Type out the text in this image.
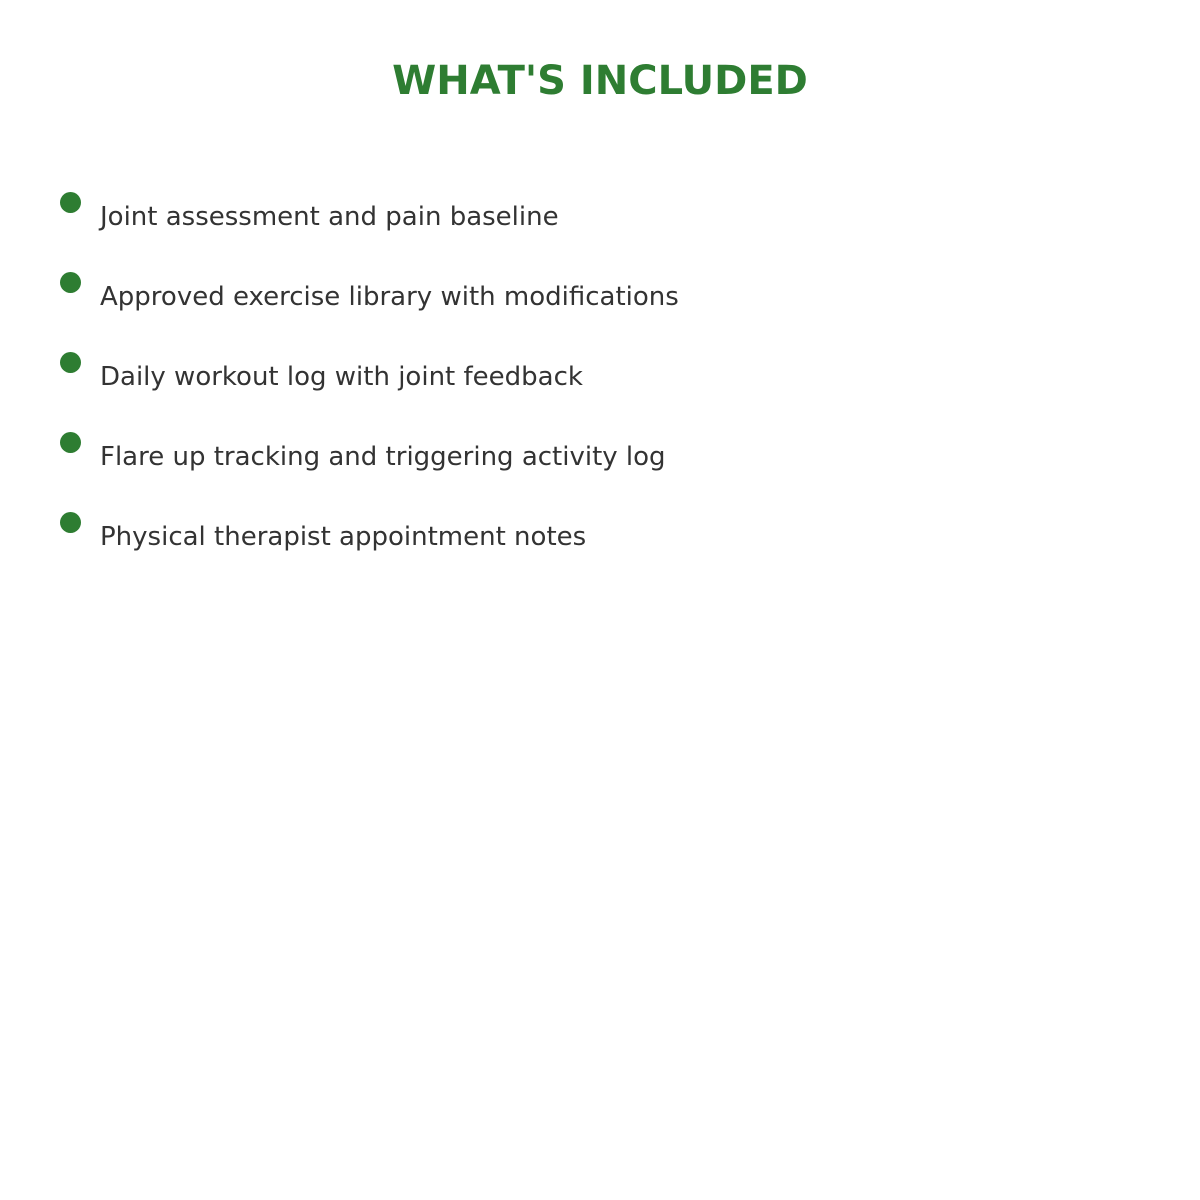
WHAT'S INCLUDED
Joint assessment and pain baseline
Approved exercise library with modifications
Daily workout log with joint feedback
Flare up tracking and triggering activity log
Physical therapist appointment notes
